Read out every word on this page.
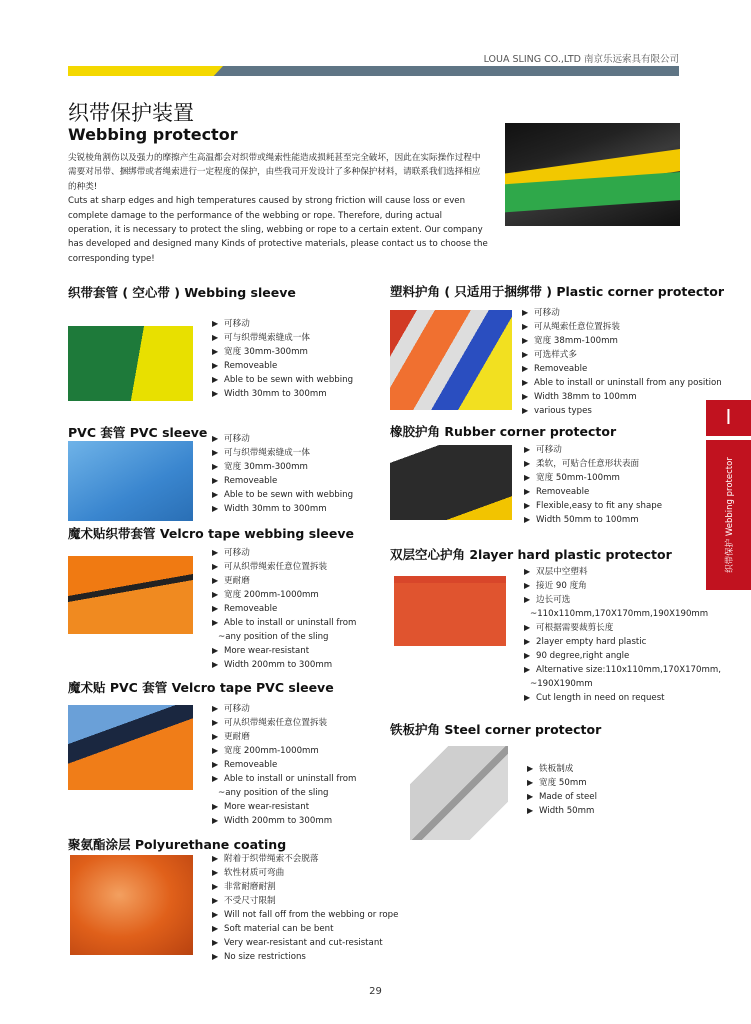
LOUA SLING CO.,LTD 南京乐远索具有限公司
织带保护装置
Webbing protector

尖锐棱角割伤以及强力的摩擦产生高温都会对织带或绳索性能造成损耗甚至完全破坏，因此在实际操作过程中需要对吊带、捆绑带或者绳索进行一定程度的保护，由些我司开发设计了多种保护材料，请联系我们选择相应的种类!

Cuts at sharp edges and high temperatures caused by strong friction will cause loss or even complete damage to the performance of the webbing or rope. Therefore, during actual operation, it is necessary to protect the sling, webbing or rope to a certain extent. Our company has developed and designed many Kinds of protective materials, please contact us to choose the corresponding type!

织带套管 ( 空心带 ) Webbing sleeve
▶ 可移动
▶ 可与织带绳索缝成一体
▶ 宽度 30mm-300mm
▶ Removeable
▶ Able to be sewn with webbing
▶ Width 30mm to 300mm
PVC 套管 PVC sleeve	▶ 可移动
▶ 可与织带绳索缝成一体
▶ 宽度 30mm-300mm
▶ Removeable
▶ Able to be sewn with webbing
▶ Width 30mm to 300mm
魔术贴织带套管 Velcro tape webbing sleeve
▶ 可移动
▶ 可从织带绳索任意位置拆装
▶ 更耐磨
▶ 宽度 200mm-1000mm
▶ Removeable
▶ Able to install or uninstall from
~any position of the sling
▶ More wear-resistant
▶ Width 200mm to 300mm
魔术贴 PVC 套管 Velcro tape PVC sleeve
▶ 可移动
▶ 可从织带绳索任意位置拆装
▶ 更耐磨
▶ 宽度 200mm-1000mm
▶ Removeable
▶ Able to install or uninstall from
~any position of the sling
▶ More wear-resistant
▶ Width 200mm to 300mm
聚氨酯涂层 Polyurethane coating
▶ 附着于织带绳索不会脱落
▶ 软性材质可弯曲
▶ 非常耐磨耐割
▶ 不受尺寸限制
▶ Will not fall off from the webbing or rope
▶ Soft material can be bent
▶ Very wear-resistant and cut-resistant
▶ No size restrictions
塑料护角 ( 只适用于捆绑带 ) Plastic corner protector
▶ 可移动
▶ 可从绳索任意位置拆装
▶ 宽度 38mm-100mm
▶ 可选样式多
▶ Removeable
▶ Able to install or uninstall from any position
▶ Width 38mm to 100mm
▶ various types
橡胶护角 Rubber corner protector
▶ 可移动
▶ 柔软，可贴合任意形状表面
▶ 宽度 50mm-100mm
▶ Removeable
▶ Flexible,easy to fit any shape
▶ Width 50mm to 100mm
双层空心护角 2layer hard plastic protector
▶ 双层中空塑料
▶ 接近 90 度角
▶ 边长可选
~110x110mm,170X170mm,190X190mm
▶ 可根据需要裁剪长度
▶ 2layer empty hard plastic
▶ 90 degree,right angle
▶ Alternative size:110x110mm,170X170mm,
~190X190mm
▶ Cut length in need on request
铁板护角 Steel corner protector
▶ 铁板制成
▶ 宽度 50mm
▶ Made of steel
▶ Width 50mm
I
织带保护 Webbing protector
29
